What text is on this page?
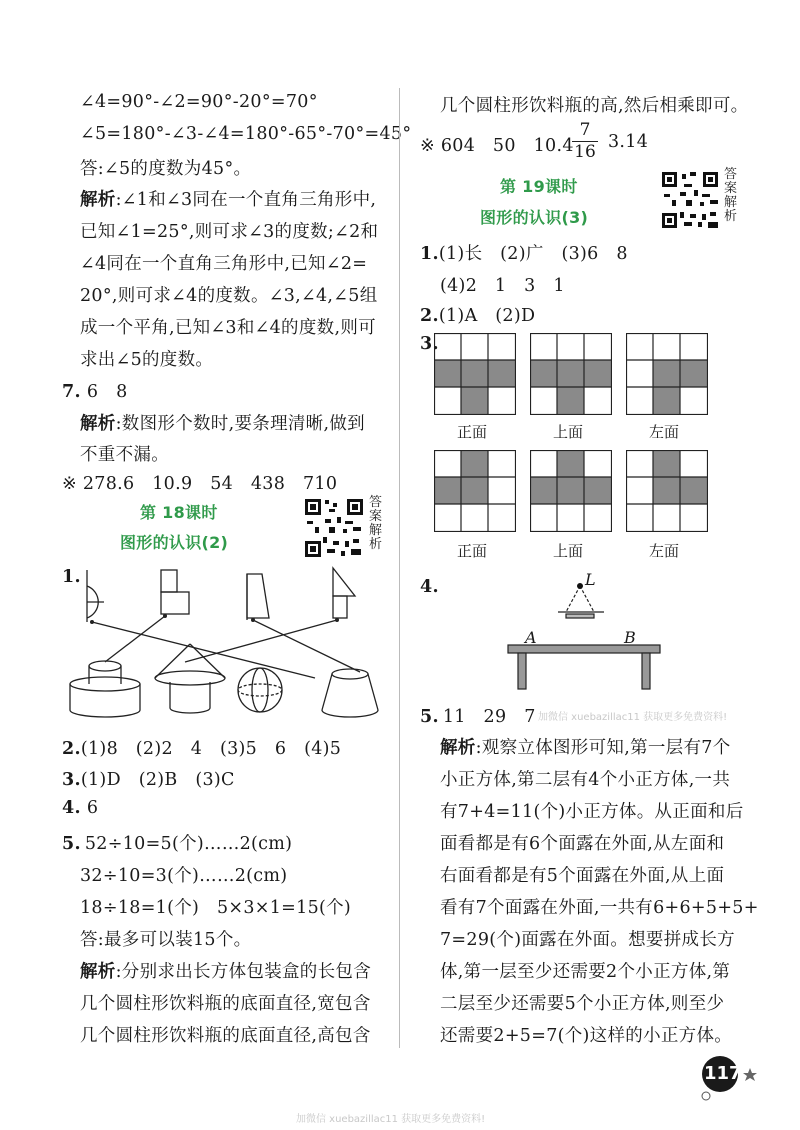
∠4=90°-∠2=90°-20°=70°
∠5=180°-∠3-∠4=180°-65°-70°=45°
答:∠5的度数为45°。
解析:∠1和∠3同在一个直角三角形中,
已知∠1=25°,则可求∠3的度数;∠2和
∠4同在一个直角三角形中,已知∠2=
20°,则可求∠4的度数。∠3,∠4,∠5组
成一个平角,已知∠3和∠4的度数,则可
求出∠5的度数。
7. 6　8
解析:数图形个数时,要条理清晰,做到
不重不漏。
※ 278.6　10.9　54　438　710
第 18课时
图形的认识(2)
答
案
解
析
1.
2.(1)8　(2)2　4　(3)5　6　(4)5
3.(1)D　(2)B　(3)C
4. 6
5. 52÷10=5(个)……2(cm)
32÷10=3(个)……2(cm)
18÷18=1(个)　5×3×1=15(个)
答:最多可以装15个。
解析:分别求出长方体包装盒的长包含
几个圆柱形饮料瓶的底面直径,宽包含
几个圆柱形饮料瓶的底面直径,高包含
几个圆柱形饮料瓶的高,然后相乘即可。
※ 604　50　10.4
$\frac{7}{16} 3.14$
第 19课时
图形的认识(3)
答
案
解
析
1.(1)长　(2)广　(3)6　8
(4)2　1　3　1
2.(1)A　(2)D
3.
正面	上面	左面
正面	上面	左面
4.	L
A	B
5. 11　29　7 加微信 xuebazillac11 获取更多免费资料!
解析:观察立体图形可知,第一层有7个
小正方体,第二层有4个小正方体,一共
有7+4=11(个)小正方体。从正面和后
面看都是有6个面露在外面,从左面和
右面看都是有5个面露在外面,从上面
看有7个面露在外面,一共有6+6+5+5+
7=29(个)面露在外面。想要拼成长方
体,第一层至少还需要2个小正方体,第
二层至少还需要5个小正方体,则至少
还需要2+5=7(个)这样的小正方体。
117
加微信 xuebazillac11 获取更多免费资料!
